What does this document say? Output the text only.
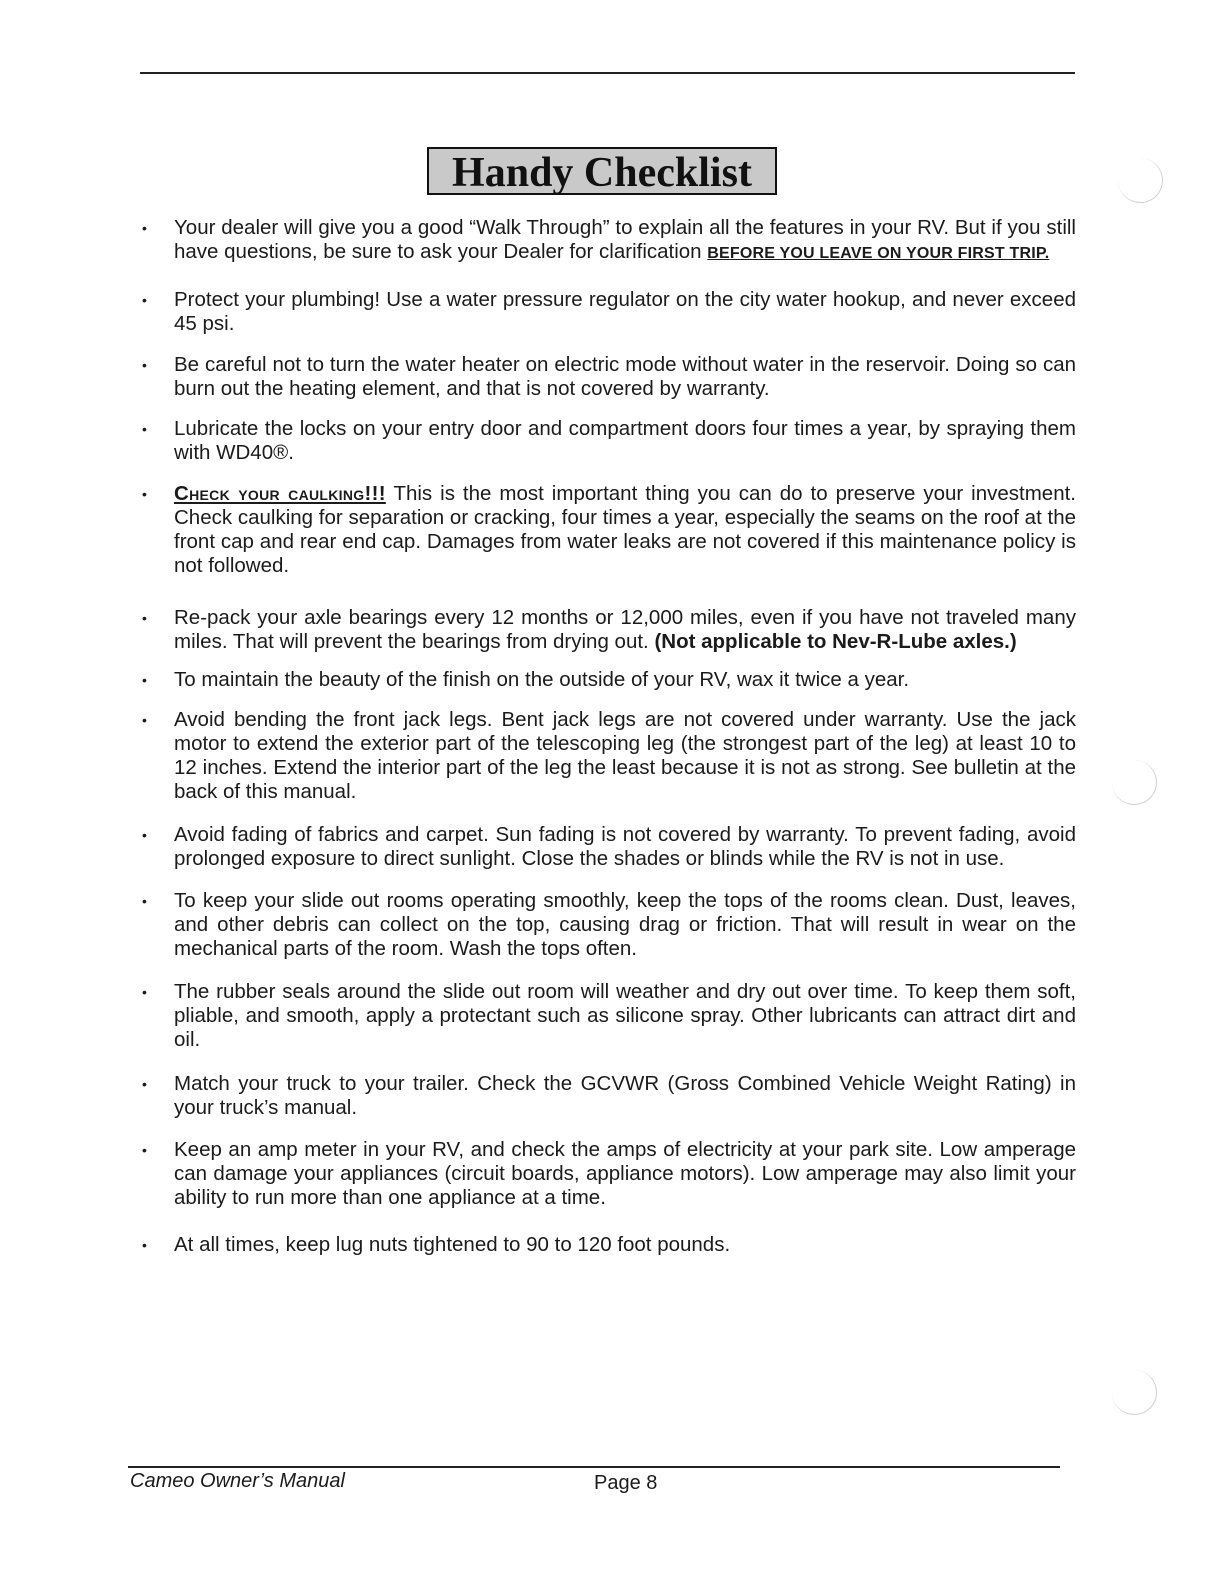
Handy Checklist
• Your dealer will give you a good “Walk Through” to explain all the features in your RV. But if you still have questions, be sure to ask your Dealer for clarification BEFORE YOU LEAVE ON YOUR FIRST TRIP.
• Protect your plumbing! Use a water pressure regulator on the city water hookup, and never exceed 45 psi.
• Be careful not to turn the water heater on electric mode without water in the reservoir. Doing so can burn out the heating element, and that is not covered by warranty.
• Lubricate the locks on your entry door and compartment doors four times a year, by spraying them with WD40®.
• Check your caulking!!! This is the most important thing you can do to preserve your investment. Check caulking for separation or cracking, four times a year, especially the seams on the roof at the front cap and rear end cap. Damages from water leaks are not covered if this maintenance policy is not followed.
• Re-pack your axle bearings every 12 months or 12,000 miles, even if you have not traveled many miles. That will prevent the bearings from drying out. (Not applicable to Nev-R-Lube axles.)
• To maintain the beauty of the finish on the outside of your RV, wax it twice a year.
• Avoid bending the front jack legs. Bent jack legs are not covered under warranty. Use the jack motor to extend the exterior part of the telescoping leg (the strongest part of the leg) at least 10 to 12 inches. Extend the interior part of the leg the least because it is not as strong. See bulletin at the back of this manual.
• Avoid fading of fabrics and carpet. Sun fading is not covered by warranty. To prevent fading, avoid prolonged exposure to direct sunlight. Close the shades or blinds while the RV is not in use.
• To keep your slide out rooms operating smoothly, keep the tops of the rooms clean. Dust, leaves, and other debris can collect on the top, causing drag or friction. That will result in wear on the mechanical parts of the room. Wash the tops often.
• The rubber seals around the slide out room will weather and dry out over time. To keep them soft, pliable, and smooth, apply a protectant such as silicone spray. Other lubricants can attract dirt and oil.
• Match your truck to your trailer. Check the GCVWR (Gross Combined Vehicle Weight Rating) in your truck’s manual.
• Keep an amp meter in your RV, and check the amps of electricity at your park site. Low amperage can damage your appliances (circuit boards, appliance motors). Low amperage may also limit your ability to run more than one appliance at a time.
• At all times, keep lug nuts tightened to 90 to 120 foot pounds.
Cameo Owner’s Manual	Page 8
